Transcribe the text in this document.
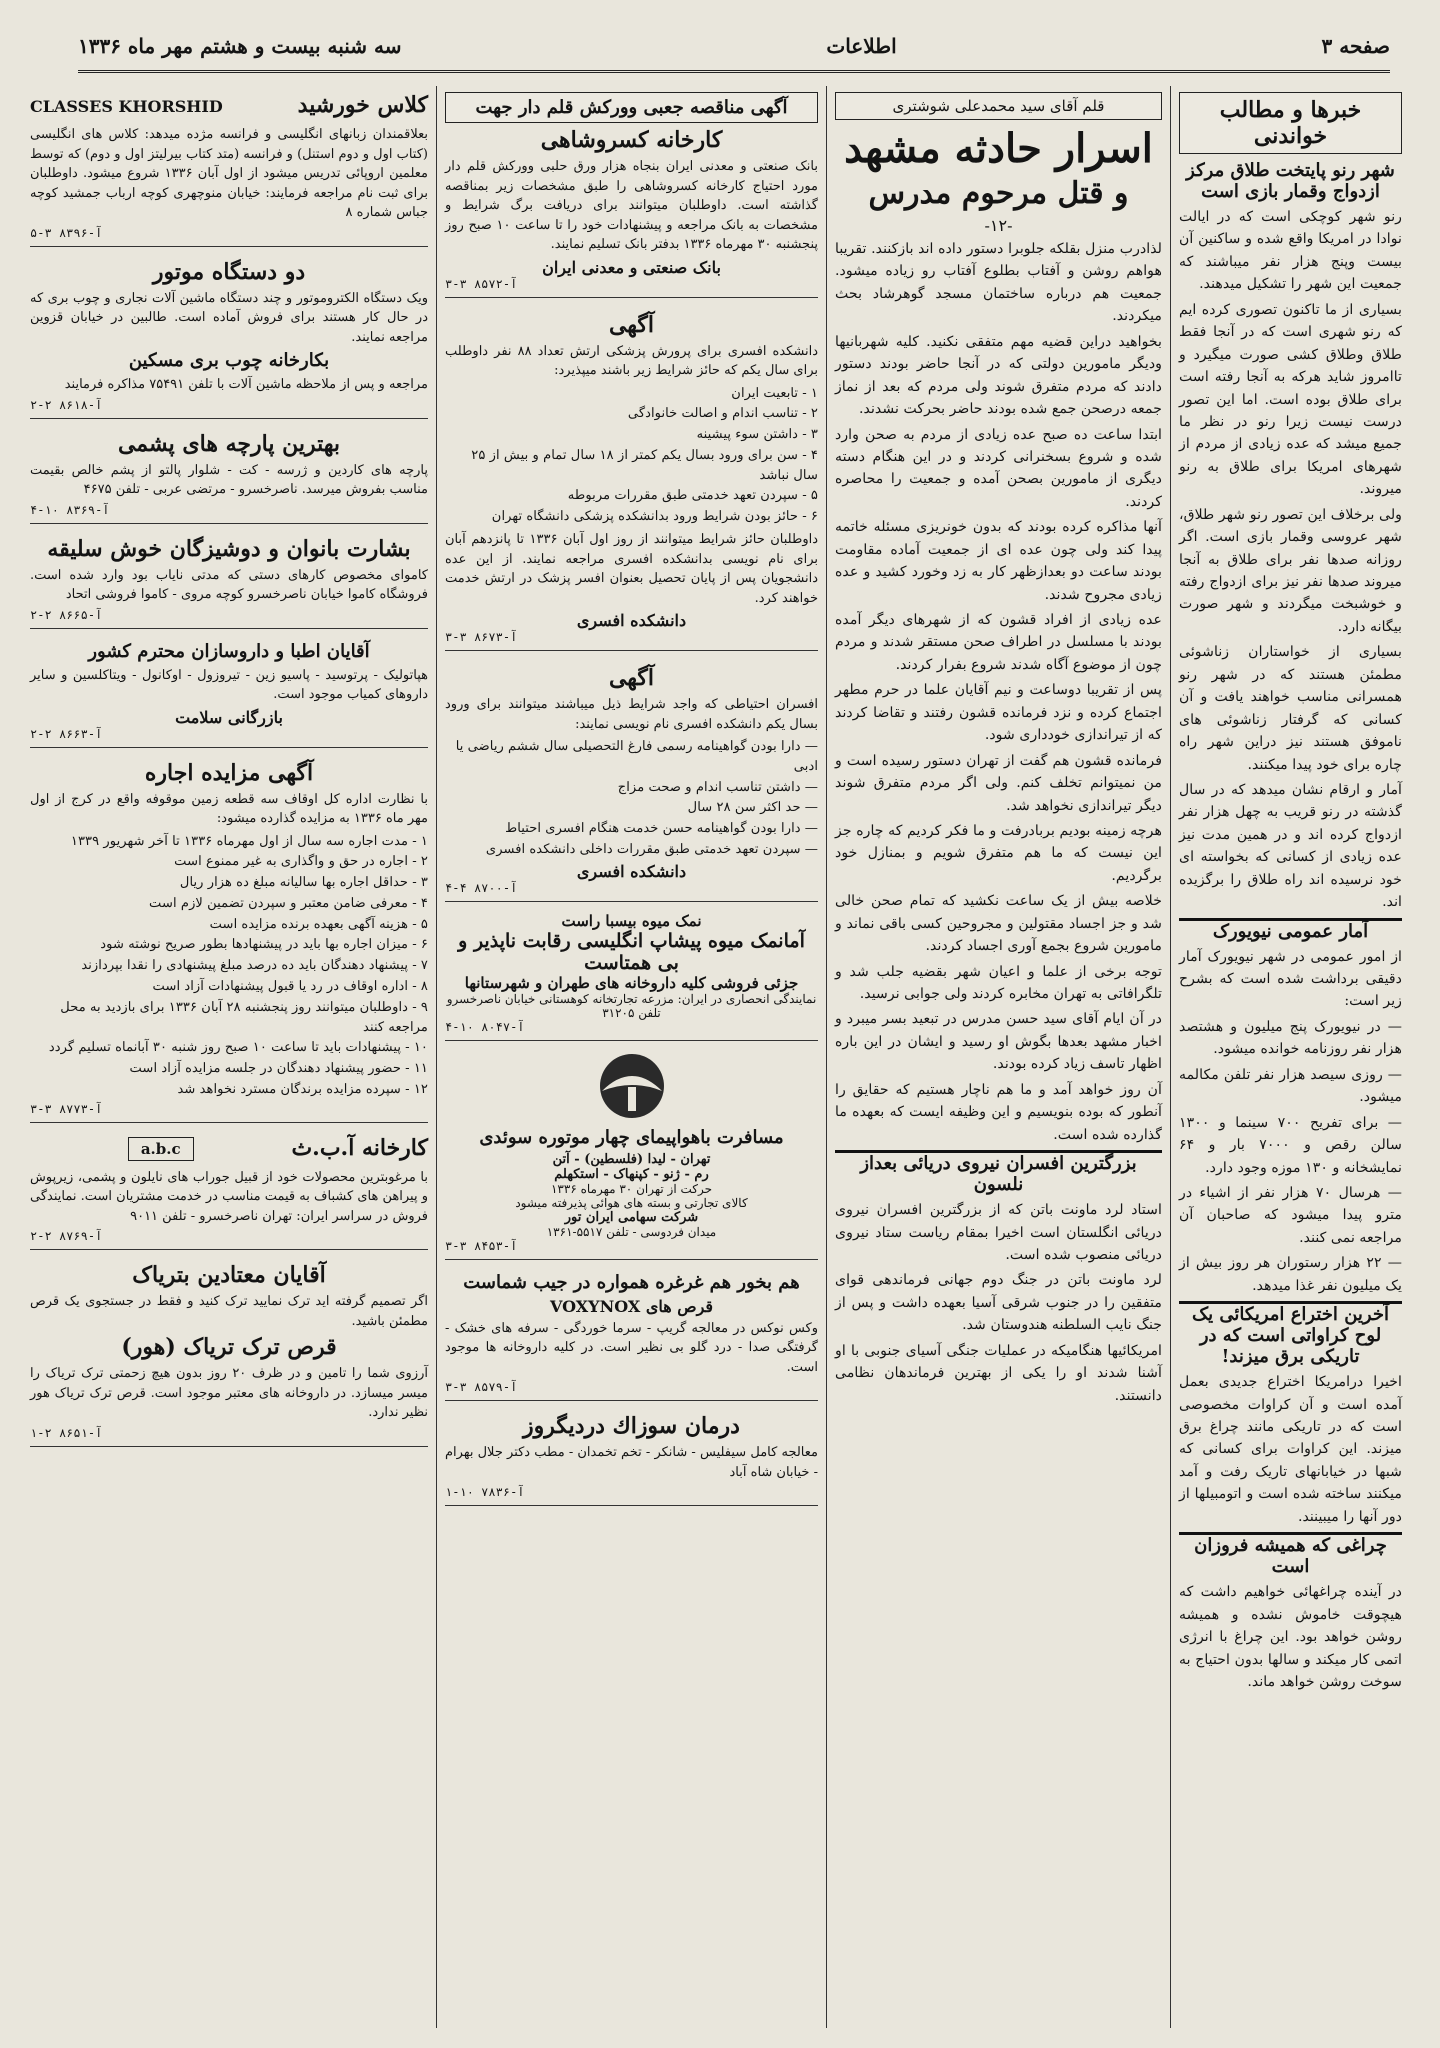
صفحه ۳
اطلاعات
سه شنبه بیست و هشتم مهر ماه ۱۳۳۶
خبرها و مطالب خواندنی
شهر رنو پایتخت طلاق مرکز ازدواج وقمار بازی است

رنو شهر کوچکی است که در ایالت نوادا در امریکا واقع شده و ساکنین آن بیست وپنج هزار نفر میباشند که جمعیت این شهر را تشکیل میدهند.

بسیاری از ما تاکنون تصوری کرده ایم که رنو شهری است که در آنجا فقط طلاق وطلاق کشی صورت میگیرد و تاامروز شاید هرکه به آنجا رفته است برای طلاق بوده است. اما این تصور درست نیست زیرا رنو در نظر ما جمیع میشد که عده زیادی از مردم از شهرهای امریکا برای طلاق به رنو میروند.

ولی برخلاف این تصور رنو شهر طلاق، شهر عروسی وقمار بازی است. اگر روزانه صدها نفر برای طلاق به آنجا میروند صدها نفر نیز برای ازدواج رفته و خوشبخت میگردند و شهر صورت بیگانه دارد.

بسیاری از خواستاران زناشوئی مطمئن هستند که در شهر رنو همسرانی مناسب خواهند یافت و آن کسانی که گرفتار زناشوئی های ناموفق هستند نیز دراین شهر راه چاره برای خود پیدا میکنند.

آمار و ارقام نشان میدهد که در سال گذشته در رنو قریب به چهل هزار نفر ازدواج کرده اند و در همین مدت نیز عده زیادی از کسانی که بخواسته ای خود نرسیده اند راه طلاق را برگزیده اند.

آمار عمومی نیویورک

از امور عمومی در شهر نیویورک آمار دقیقی برداشت شده است که بشرح زیر است:

— در نیویورک پنج میلیون و هشتصد هزار نفر روزنامه خوانده میشود.

— روزی سیصد هزار نفر تلفن مکالمه میشود.

— برای تفریح ۷۰۰ سینما و ۱۳۰۰ سالن رقص و ۷۰۰۰ بار و ۶۴ نمایشخانه و ۱۳۰ موزه وجود دارد.

— هرسال ۷۰ هزار نفر از اشیاء در مترو پیدا میشود که صاحبان آن مراجعه نمی کنند.

— ۲۲ هزار رستوران هر روز بیش از یک میلیون نفر غذا میدهد.

آخرین اختراع امریکائی یک لوح کراواتی است که در تاریکی برق میزند!

اخیرا درامریکا اختراع جدیدی بعمل آمده است و آن کراوات مخصوصی است که در تاریکی مانند چراغ برق میزند. این کراوات برای کسانی که شبها در خیابانهای تاریک رفت و آمد میکنند ساخته شده است و اتومبیلها از دور آنها را میبینند.

چراغی که همیشه فروزان است

در آینده چراغهائی خواهیم داشت که هیچوقت خاموش نشده و همیشه روشن خواهد بود. این چراغ با انرژی اتمی کار میکند و سالها بدون احتیاج به سوخت روشن خواهد ماند.

قلم آقای سید محمدعلی شوشتری
اسرار حادثه مشهد
و قتل مرحوم مدرس
-۱۲-

لذادرب منزل بقلکه جلوبرا دستور داده اند بازکنند. تقریبا هواهم روشن و آفتاب بطلوع آفتاب رو زیاده میشود. جمعیت هم درباره ساختمان مسجد گوهرشاد بحث میکردند.

بخواهید دراین قضیه مهم متفقی نکنید. کلیه شهربانیها ودیگر مامورین دولتی که در آنجا حاضر بودند دستور دادند که مردم متفرق شوند ولی مردم که بعد از نماز جمعه درصحن جمع شده بودند حاضر بحرکت نشدند.

ابتدا ساعت ده صبح عده زیادی از مردم به صحن وارد شده و شروع بسخنرانی کردند و در این هنگام دسته دیگری از مامورین بصحن آمده و جمعیت را محاصره کردند.

آنها مذاکره کرده بودند که بدون خونریزی مسئله خاتمه پیدا کند ولی چون عده ای از جمعیت آماده مقاومت بودند ساعت دو بعدازظهر کار به زد وخورد کشید و عده زیادی مجروح شدند.

عده زیادی از افراد قشون که از شهرهای دیگر آمده بودند با مسلسل در اطراف صحن مستقر شدند و مردم چون از موضوع آگاه شدند شروع بفرار کردند.

پس از تقریبا دوساعت و نیم آقایان علما در حرم مطهر اجتماع کرده و نزد فرمانده قشون رفتند و تقاضا کردند که از تیراندازی خودداری شود.

فرمانده قشون هم گفت از تهران دستور رسیده است و من نمیتوانم تخلف کنم. ولی اگر مردم متفرق شوند دیگر تیراندازی نخواهد شد.

هرچه زمینه بودیم بربادرفت و ما فکر کردیم که چاره جز این نیست که ما هم متفرق شویم و بمنازل خود برگردیم.

خلاصه بیش از یک ساعت نکشید که تمام صحن خالی شد و جز اجساد مقتولین و مجروحین کسی باقی نماند و مامورین شروع بجمع آوری اجساد کردند.

توجه برخی از علما و اعیان شهر بقضیه جلب شد و تلگرافاتی به تهران مخابره کردند ولی جوابی نرسید.

در آن ایام آقای سید حسن مدرس در تبعید بسر میبرد و اخبار مشهد بعدها بگوش او رسید و ایشان در این باره اظهار تاسف زیاد کرده بودند.

آن روز خواهد آمد و ما هم ناچار هستیم که حقایق را آنطور که بوده بنویسیم و این وظیفه ایست که بعهده ما گذارده شده است.

بزرگترین افسران نیروی دریائی بعداز نلسون

استاد لرد ماونت باتن که از بزرگترین افسران نیروی دریائی انگلستان است اخیرا بمقام ریاست ستاد نیروی دریائی منصوب شده است.

لرد ماونت باتن در جنگ دوم جهانی فرماندهی قوای متفقین را در جنوب شرقی آسیا بعهده داشت و پس از جنگ نایب السلطنه هندوستان شد.

امریکائیها هنگامیکه در عملیات جنگی آسیای جنوبی با او آشنا شدند او را یکی از بهترین فرماندهان نظامی دانستند.

آگهی مناقصه جعبی وورکش قلم دار جهت
کارخانه کسروشاهی

بانک صنعتی و معدنی ایران بنجاه هزار ورق حلبی وورکش قلم دار مورد احتیاج کارخانه کسروشاهی را طبق مشخصات زیر بمناقصه گذاشته است. داوطلبان میتوانند برای دریافت برگ شرایط و مشخصات به بانک مراجعه و پیشنهادات خود را تا ساعت ۱۰ صبح روز پنجشنبه ۳۰ مهرماه ۱۳۳۶ بدفتر بانک تسلیم نمایند.

بانک صنعتی و معدنی ایران
آ-۸۵۷۲ ۳-۳
آگهی

دانشکده افسری برای پرورش پزشکی ارتش تعداد ۸۸ نفر داوطلب برای سال یکم که حائز شرایط زیر باشند میپذیرد:

۱ - تابعیت ایران
۲ - تناسب اندام و اصالت خانوادگی
۳ - داشتن سوء پیشینه
۴ - سن برای ورود بسال یکم کمتر از ۱۸ سال تمام و بیش از ۲۵ سال نباشد
۵ - سپردن تعهد خدمتی طبق مقررات مربوطه
۶ - حائز بودن شرایط ورود بدانشکده پزشکی دانشگاه تهران

داوطلبان حائز شرایط میتوانند از روز اول آبان ۱۳۳۶ تا پانزدهم آبان برای نام نویسی بدانشکده افسری مراجعه نمایند. از این عده دانشجویان پس از پایان تحصیل بعنوان افسر پزشک در ارتش خدمت خواهند کرد.

دانشکده افسری
آ-۸۶۷۳ ۳-۳
آگهی

افسران احتیاطی که واجد شرایط ذیل میباشند میتوانند برای ورود بسال یکم دانشکده افسری نام نویسی نمایند:

— دارا بودن گواهینامه رسمی فارغ التحصیلی سال ششم ریاضی یا ادبی
— داشتن تناسب اندام و صحت مزاج
— حد اکثر سن ۲۸ سال
— دارا بودن گواهینامه حسن خدمت هنگام افسری احتیاط
— سپردن تعهد خدمتی طبق مقررات داخلی دانشکده افسری
دانشکده افسری
آ-۸۷۰۰ ۴-۴
نمک میوه بیسبا راست
آمانمک میوه پیشاپ انگلیسی رقابت ناپذیر و بی همتاست
جزئی فروشی کلیه داروخانه های طهران و شهرستانها
نمایندگی انحصاری در ایران: مزرعه تجارتخانه کوهستانی خیابان ناصرخسرو تلفن ۳۱۲۰۵
آ-۸۰۴۷ ۱۰-۴
مسافرت باهواپیمای چهار موتوره سوئدی
تهران - لیدا (فلسطین) - آتن
رم - ژنو - کپنهاک - استکهلم
حرکت از تهران ۳۰ مهرماه ۱۳۳۶
کالای تجارتی و بسته های هوائی پذیرفته میشود
شرکت سهامی ایران تور
میدان فردوسی - تلفن ۵۵۱۷-۱۳۶۱
آ-۸۴۵۳ ۳-۳
هم بخور هم غرغره همواره در جیب شماست
قرص های VOXYNOX

وکس نوکس در معالجه گریپ - سرما خوردگی - سرفه های خشک - گرفتگی صدا - درد گلو بی نظیر است. در کلیه داروخانه ها موجود است.

آ-۸۵۷۹ ۳-۳
درمان سوزاك درديگروز

معالجه کامل سیفلیس - شانکر - تخم تخمدان - مطب دکتر جلال بهرام - خیابان شاه آباد

آ-۷۸۳۶ ۱۰-۱
کلاس خورشید
CLASSES KHORSHID

بعلاقمندان زبانهای انگلیسی و فرانسه مژده میدهد: کلاس های انگلیسی (کتاب اول و دوم استنل) و فرانسه (متد کتاب بیرلیتز اول و دوم) که توسط معلمین اروپائی تدریس میشود از اول آبان ۱۳۳۶ شروع میشود. داوطلبان برای ثبت نام مراجعه فرمایند: خیابان منوچهری کوچه ارباب جمشید کوچه جباس شماره ۸

آ-۸۳۹۶ ۳-۵
دو دستگاه موتور

ویک دستگاه الکتروموتور و چند دستگاه ماشین آلات نجاری و چوب بری که در حال کار هستند برای فروش آماده است. طالبین در خیابان قزوین مراجعه نمایند.

بکارخانه چوب بری مسکین

مراجعه و پس از ملاحظه ماشین آلات با تلفن ۷۵۴۹۱ مذاکره فرمایند

آ-۸۶۱۸ ۲-۲
بهترین پارچه های پشمی

پارچه های کاردین و ژرسه - کت - شلوار پالتو از پشم خالص بقیمت مناسب بفروش میرسد. ناصرخسرو - مرتضی عربی - تلفن ۴۶۷۵

آ-۸۳۶۹ ۱۰-۴
بشارت بانوان و دوشیزگان خوش سلیقه

کاموای مخصوص کارهای دستی که مدتی نایاب بود وارد شده است. فروشگاه کاموا خیابان ناصرخسرو کوچه مروی - کاموا فروشی اتحاد

آ-۸۶۶۵ ۲-۲
آقایان اطبا و داروسازان محترم کشور

هپاتولیک - پرتوسید - پاسیو زین - تیروزول - اوکانول - ویتاکلسین و سایر داروهای کمیاب موجود است.

بازرگانی سلامت
آ-۸۶۶۳ ۲-۲
آگهی مزایده اجاره

با نظارت اداره کل اوقاف سه قطعه زمین موقوفه واقع در کرج از اول مهر ماه ۱۳۳۶ به مزایده گذارده میشود:

۱ - مدت اجاره سه سال از اول مهرماه ۱۳۳۶ تا آخر شهریور ۱۳۳۹
۲ - اجاره در حق و واگذاری به غیر ممنوع است
۳ - حداقل اجاره بها سالیانه مبلغ ده هزار ریال
۴ - معرفی ضامن معتبر و سپردن تضمین لازم است
۵ - هزینه آگهی بعهده برنده مزایده است
۶ - میزان اجاره بها باید در پیشنهادها بطور صریح نوشته شود
۷ - پیشنهاد دهندگان باید ده درصد مبلغ پیشنهادی را نقدا بپردازند
۸ - اداره اوقاف در رد یا قبول پیشنهادات آزاد است
۹ - داوطلبان میتوانند روز پنجشنبه ۲۸ آبان ۱۳۳۶ برای بازدید به محل مراجعه کنند
۱۰ - پیشنهادات باید تا ساعت ۱۰ صبح روز شنبه ۳۰ آبانماه تسلیم گردد
۱۱ - حضور پیشنهاد دهندگان در جلسه مزایده آزاد است
۱۲ - سپرده مزایده برندگان مسترد نخواهد شد
آ-۸۷۷۳ ۳-۳
کارخانه آ.ب.ث
a.b.c

با مرغوبترین محصولات خود از قبیل جوراب های نایلون و پشمی، زیرپوش و پیراهن های کشباف به قیمت مناسب در خدمت مشتریان است. نمایندگی فروش در سراسر ایران: تهران ناصرخسرو - تلفن ۹۰۱۱

آ-۸۷۶۹ ۲-۲
آقایان معتادین بتریاک

اگر تصمیم گرفته اید ترک نمایید ترک کنید و فقط در جستجوی یک قرص مطمئن باشید.

قرص ترک تریاک (هور)

آرزوی شما را تامین و در ظرف ۲۰ روز بدون هیچ زحمتی ترک تریاک را میسر میسازد. در داروخانه های معتبر موجود است. قرص ترک تریاک هور نظیر ندارد.

آ-۸۶۵۱ ۲-۱
